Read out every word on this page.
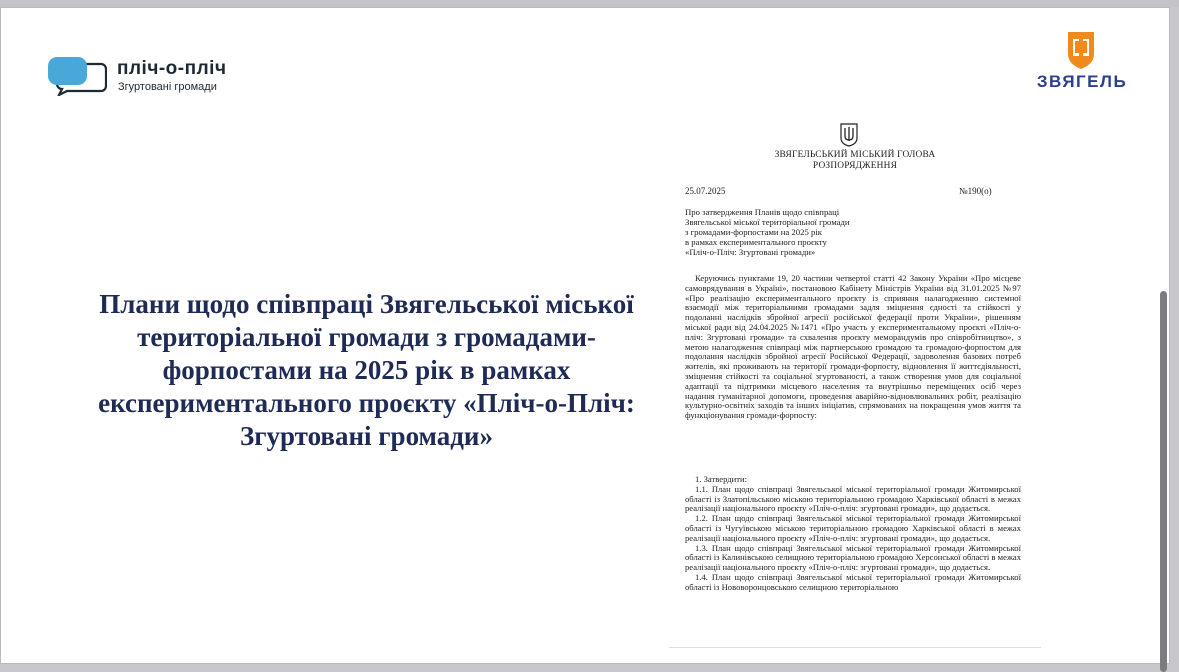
пліч-о-пліч
Згуртовані громади	ЗВЯГЕЛЬ
Плани щодо співпраці Звягельської міської територіальної громади з громадами-форпостами на 2025 рік в рамках експериментального проєкту «Пліч-о-Пліч: Згуртовані громади»
ЗВЯГЕЛЬСЬКИЙ МІСЬКИЙ ГОЛОВА
РОЗПОРЯДЖЕННЯ
25.07.2025	№190(о)
Про затвердження Планів щодо співпраці
Звягельської міської територіальної громади
з громадами-форпостами на 2025 рік
в рамках експериментального проєкту
«Пліч-о-Пліч: Згуртовані громади»

Керуючись пунктами 19, 20 частини четвертої статті 42 Закону України «Про місцеве самоврядування в Україні», постановою Кабінету Міністрів України від 31.01.2025 №97 «Про реалізацію експериментального проєкту із сприяння налагодженню системної взаємодії між територіальними громадами задля зміцнення єдності та стійкості у подоланні наслідків збройної агресії російської федерації проти України», рішенням міської ради від 24.04.2025 №1471 «Про участь у експериментальному проєкті «Пліч-о-пліч: Згуртовані громади» та схвалення проєкту меморандумів про співробітництво», з метою налагодження співпраці між партнерською громадою та громадою-форпостом для подолання наслідків збройної агресії Російської Федерації, задоволення базових потреб жителів, які проживають на території громади-форпосту, відновлення її життєдіяльності, зміцнення стійкості та соціальної згуртованості, а також створення умов для соціальної адаптації та підтримки місцевого населення та внутрішньо переміщених осіб через надання гуманітарної допомоги, проведення аварійно-відновлювальних робіт, реалізацію культурно-освітніх заходів та інших ініціатив, спрямованих на покращення умов життя та функціонування громади-форпосту:

1. Затвердити:

1.1. План щодо співпраці Звягельської міської територіальної громади Житомирської області із Златопільською міською територіальною громадою Харківської області в межах реалізації національного проєкту «Пліч-о-пліч: згуртовані громади», що додається.

1.2. План щодо співпраці Звягельської міської територіальної громади Житомирської області із Чугуївською міською територіальною громадою Харківської області в межах реалізації національного проєкту «Пліч-о-пліч: згуртовані громади», що додається.

1.3. План щодо співпраці Звягельської міської територіальної громади Житомирської області із Калинівською селищною територіальною громадою Херсонської області в межах реалізації національного проєкту «Пліч-о-пліч: згуртовані громади», що додається.

1.4. План щодо співпраці Звягельської міської територіальної громади Житомирської області із Нововоронцовською селищною територіальною
